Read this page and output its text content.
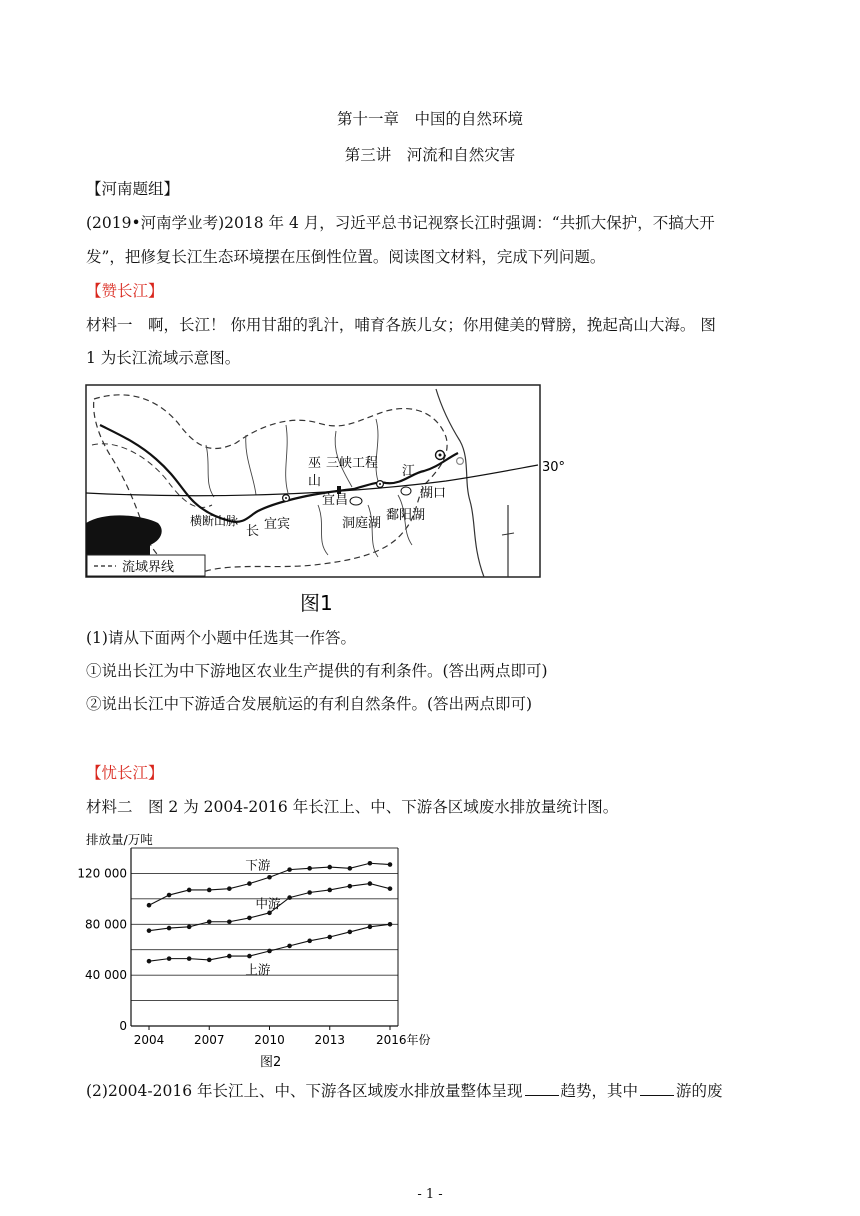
第十一章　中国的自然环境
第三讲　河流和自然灾害
【河南题组】
(2019•河南学业考)2018 年 4 月，习近平总书记视察长江时强调：“共抓大保护，不搞大开
发”，把修复长江生态环境摆在压倒性位置。阅读图文材料，完成下列问题。
【赞长江】
材料一　啊，长江！ 你用甘甜的乳汁，哺育各族儿女；你用健美的臂膀，挽起高山大海。 图
1 为长江流域示意图。
巫
山
三峡工程
宜昌
宜宾
横断山脉
长
江
湖口
洞庭湖
鄱阳湖
30°
流域界线
图1
(1)请从下面两个小题中任选其一作答。
①说出长江为中下游地区农业生产提供的有利条件。(答出两点即可)
②说出长江中下游适合发展航运的有利自然条件。(答出两点即可)
【忧长江】
材料二　图 2 为 2004-2016 年长江上、中、下游各区域废水排放量统计图。
0
40 000
80 000
120 000
2004 2007 2010 2013	2016年份
下游
中游
上游
排放量/万吨
图2
(2)2004-2016 年长江上、中、下游各区域废水排放量整体呈现 趋势，其中 游的废
- 1 -
